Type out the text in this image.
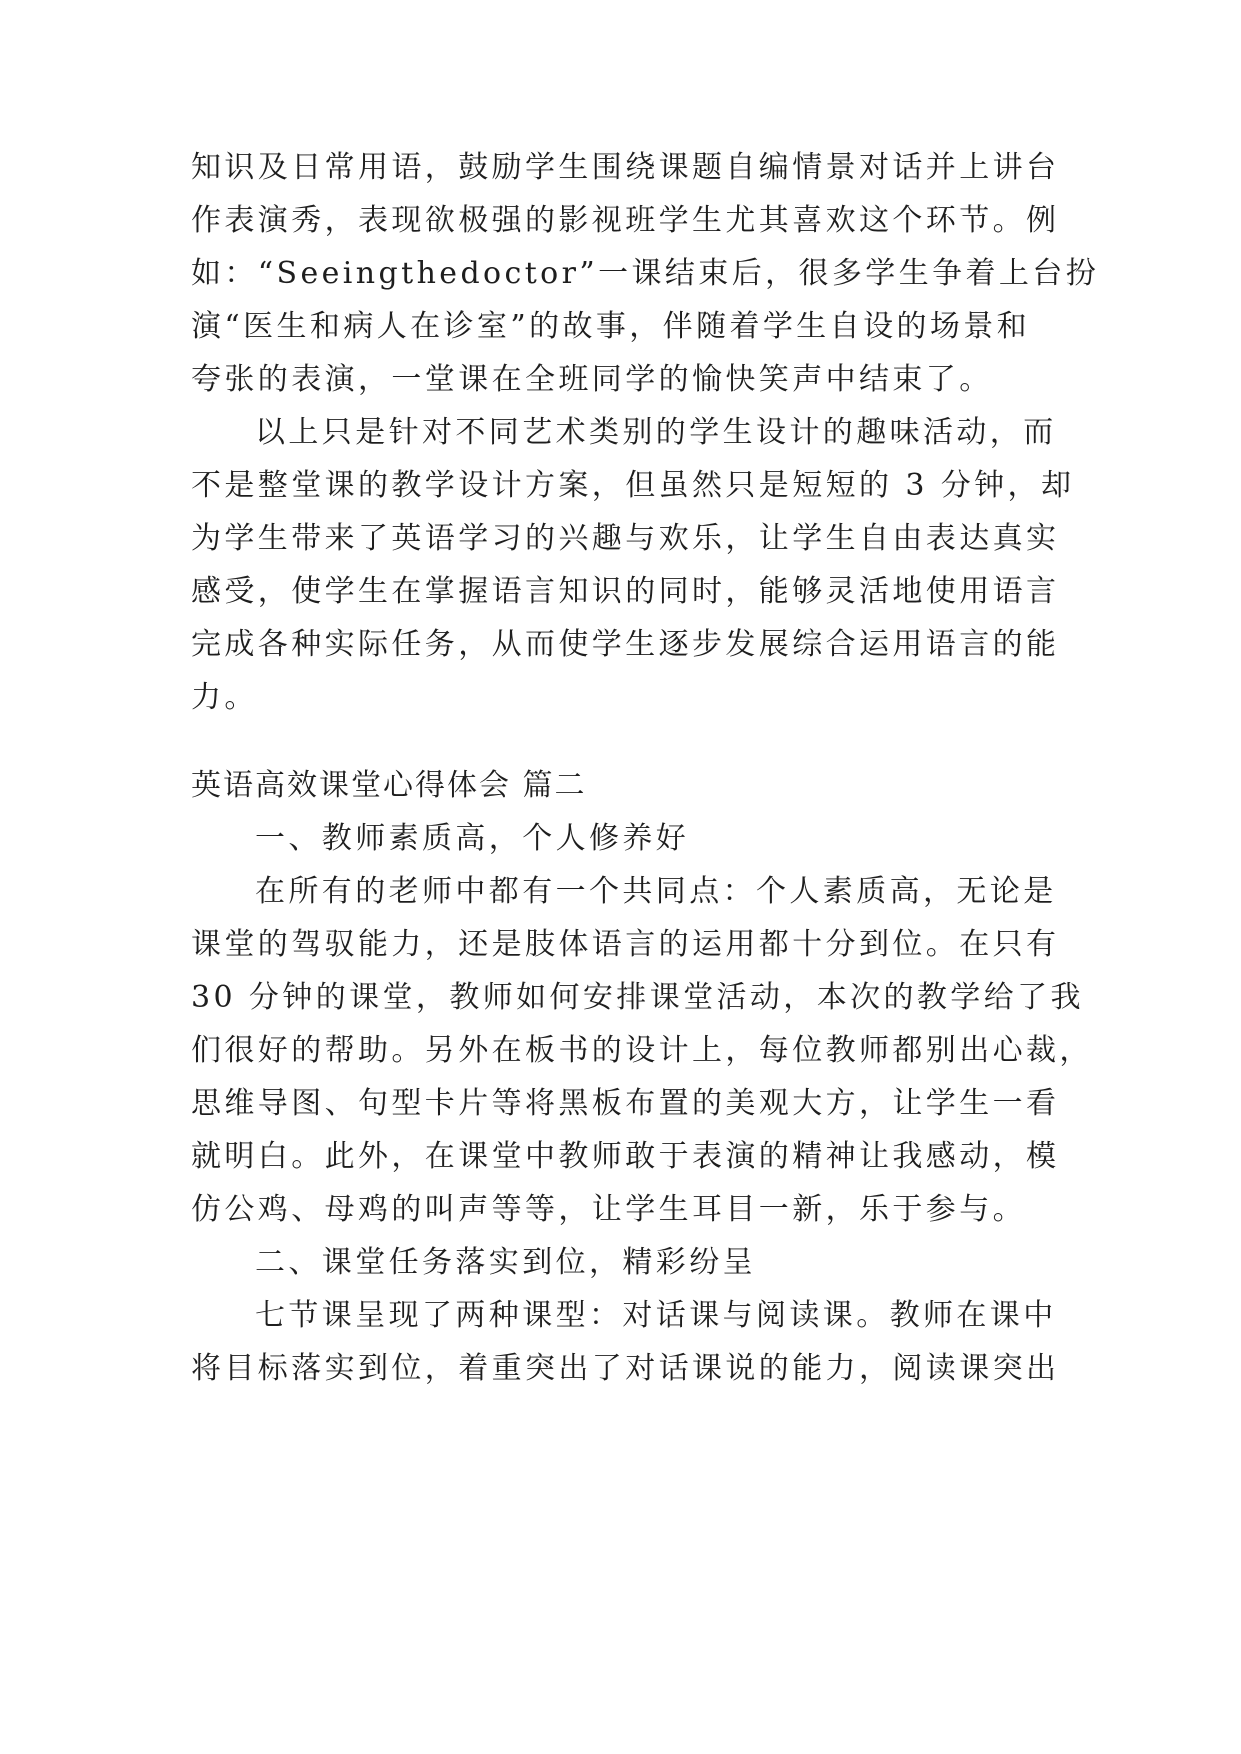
知识及日常用语，鼓励学生围绕课题自编情景对话并上讲台
作表演秀，表现欲极强的影视班学生尤其喜欢这个环节。例
如：“Seeingthedoctor”一课结束后，很多学生争着上台扮
演“医生和病人在诊室”的故事，伴随着学生自设的场景和
夸张的表演，一堂课在全班同学的愉快笑声中结束了。
以上只是针对不同艺术类别的学生设计的趣味活动，而
不是整堂课的教学设计方案，但虽然只是短短的 3 分钟，却
为学生带来了英语学习的兴趣与欢乐，让学生自由表达真实
感受，使学生在掌握语言知识的同时，能够灵活地使用语言
完成各种实际任务，从而使学生逐步发展综合运用语言的能
力。
英语高效课堂心得体会 篇二
一、教师素质高，个人修养好
在所有的老师中都有一个共同点：个人素质高，无论是
课堂的驾驭能力，还是肢体语言的运用都十分到位。在只有
30 分钟的课堂，教师如何安排课堂活动，本次的教学给了我
们很好的帮助。另外在板书的设计上，每位教师都别出心裁，
思维导图、句型卡片等将黑板布置的美观大方，让学生一看
就明白。此外，在课堂中教师敢于表演的精神让我感动，模
仿公鸡、母鸡的叫声等等，让学生耳目一新，乐于参与。
二、课堂任务落实到位，精彩纷呈
七节课呈现了两种课型：对话课与阅读课。教师在课中
将目标落实到位，着重突出了对话课说的能力，阅读课突出
